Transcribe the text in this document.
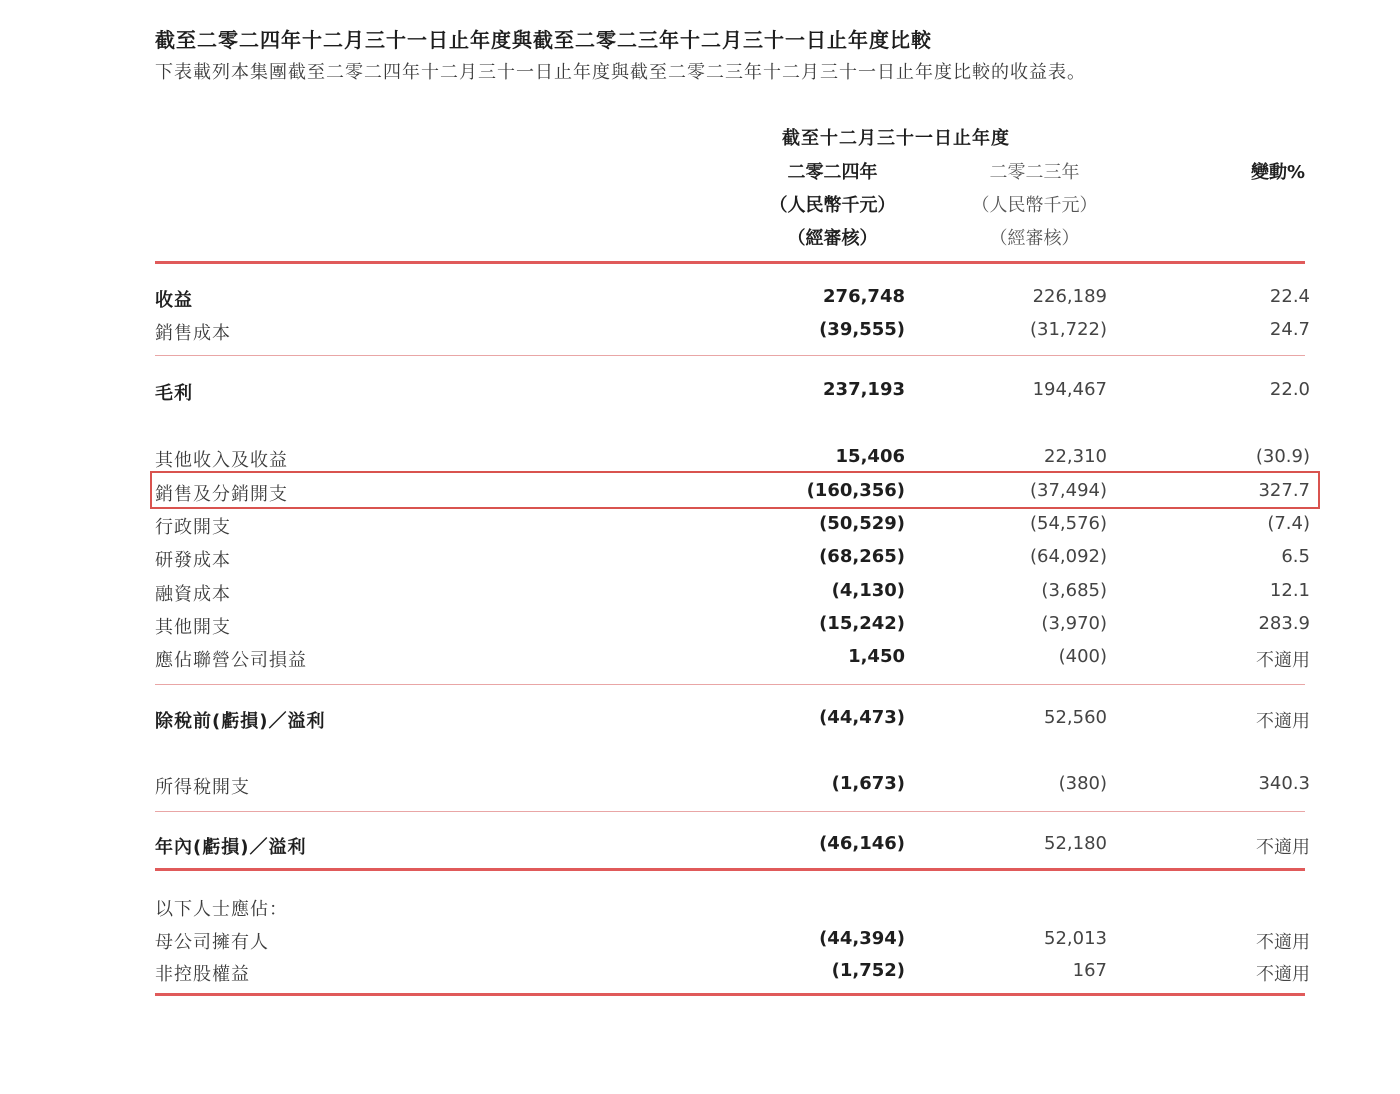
截至二零二四年十二月三十一日止年度與截至二零二三年十二月三十一日止年度比較
下表載列本集團截至二零二四年十二月三十一日止年度與截至二零二三年十二月三十一日止年度比較的收益表。
截至十二月三十一日止年度
二零二四年
（人民幣千元）
（經審核）
二零二三年
（人民幣千元）
（經審核）
變動%
收益	276,748	226,189	22.4
銷售成本	(39,555)	(31,722)	24.7
毛利	237,193	194,467	22.0
其他收入及收益	15,406	22,310	(30.9)
銷售及分銷開支	(160,356)	(37,494)	327.7
行政開支	(50,529)	(54,576)	(7.4)
研發成本	(68,265)	(64,092)	6.5
融資成本	(4,130)	(3,685)	12.1
其他開支	(15,242)	(3,970)	283.9
應佔聯營公司損益	1,450	(400)	不適用
除稅前(虧損)／溢利	(44,473)	52,560	不適用
所得稅開支	(1,673)	(380)	340.3
年內(虧損)／溢利	(46,146)	52,180	不適用
以下人士應佔：
母公司擁有人	(44,394)	52,013	不適用
非控股權益	(1,752)	167	不適用
